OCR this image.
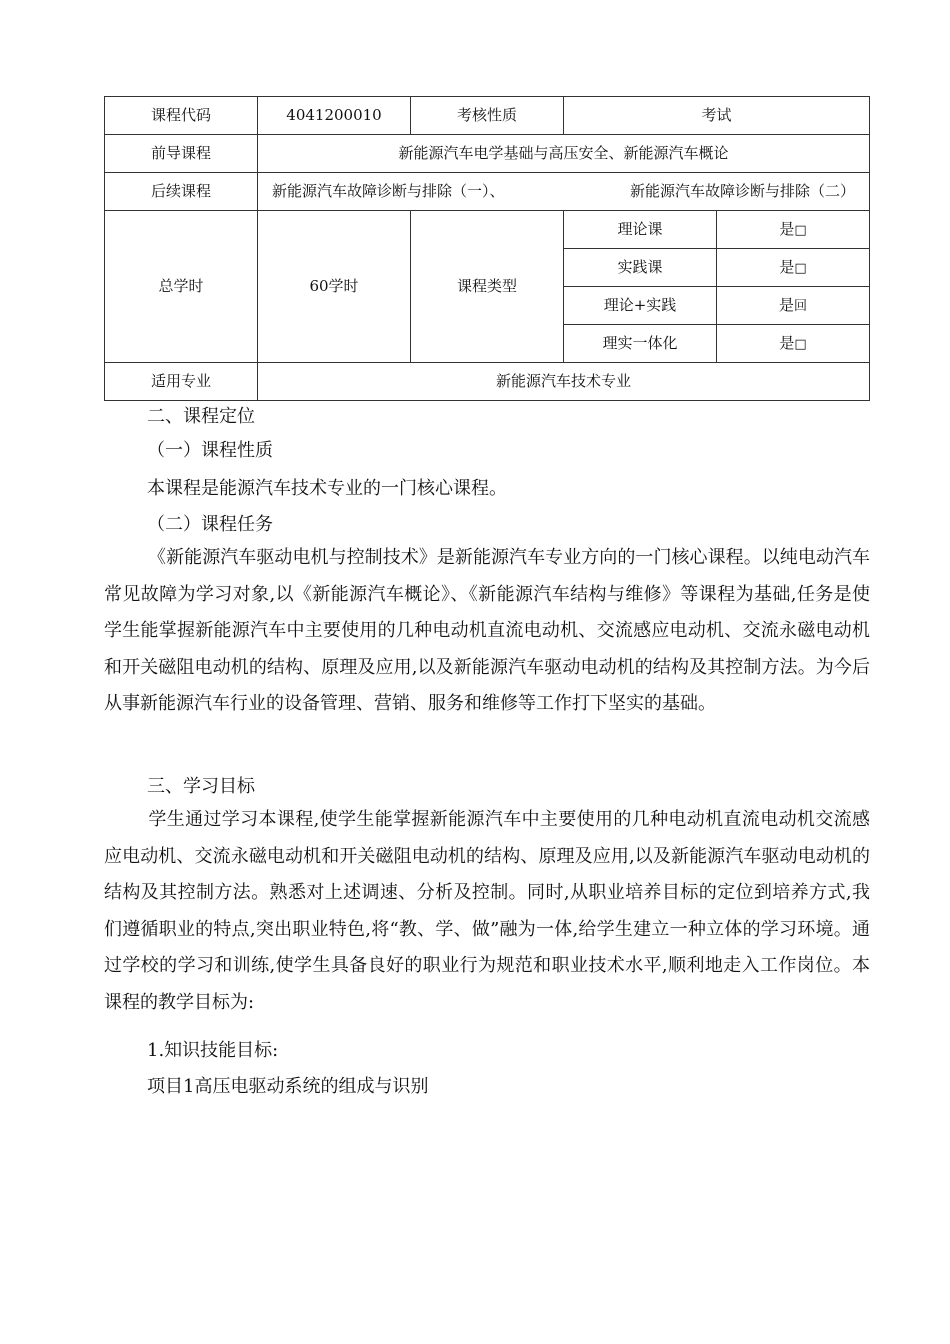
课程代码	4041200010	考核性质	考试	
前导课程	新能源汽车电学基础与高压安全、新能源汽车概论			
后续课程	新能源汽车故障诊断与排除（一）、 新能源汽车故障诊断与排除（二）			

总学时	60学时	课程类型	理论课	是□
			实践课	是□
			理论+实践	是回
			理实一体化	是□
适用专业	新能源汽车技术专业			
二、课程定位
（一）课程性质
本课程是能源汽车技术专业的一门核心课程。
（二）课程任务

《新能源汽车驱动电机与控制技术》是新能源汽车专业方向的一门核心课程。以纯电动汽车常见故障为学习对象,以《新能源汽车概论》、《新能源汽车结构与维修》等课程为基础,任务是使学生能掌握新能源汽车中主要使用的几种电动机直流电动机、交流感应电动机、交流永磁电动机和开关磁阻电动机的结构、原理及应用,以及新能源汽车驱动电动机的结构及其控制方法。为今后从事新能源汽车行业的设备管理、营销、服务和维修等工作打下坚实的基础。

三、学习目标

学生通过学习本课程,使学生能掌握新能源汽车中主要使用的几种电动机直流电动机交流感应电动机、交流永磁电动机和开关磁阻电动机的结构、原理及应用,以及新能源汽车驱动电动机的结构及其控制方法。熟悉对上述调速、分析及控制。同时,从职业培养目标的定位到培养方式,我们遵循职业的特点,突出职业特色,将“教、学、做”融为一体,给学生建立一种立体的学习环境。通过学校的学习和训练,使学生具备良好的职业行为规范和职业技术水平,顺利地走入工作岗位。本课程的教学目标为:

1.知识技能目标:
项目1高压电驱动系统的组成与识别
